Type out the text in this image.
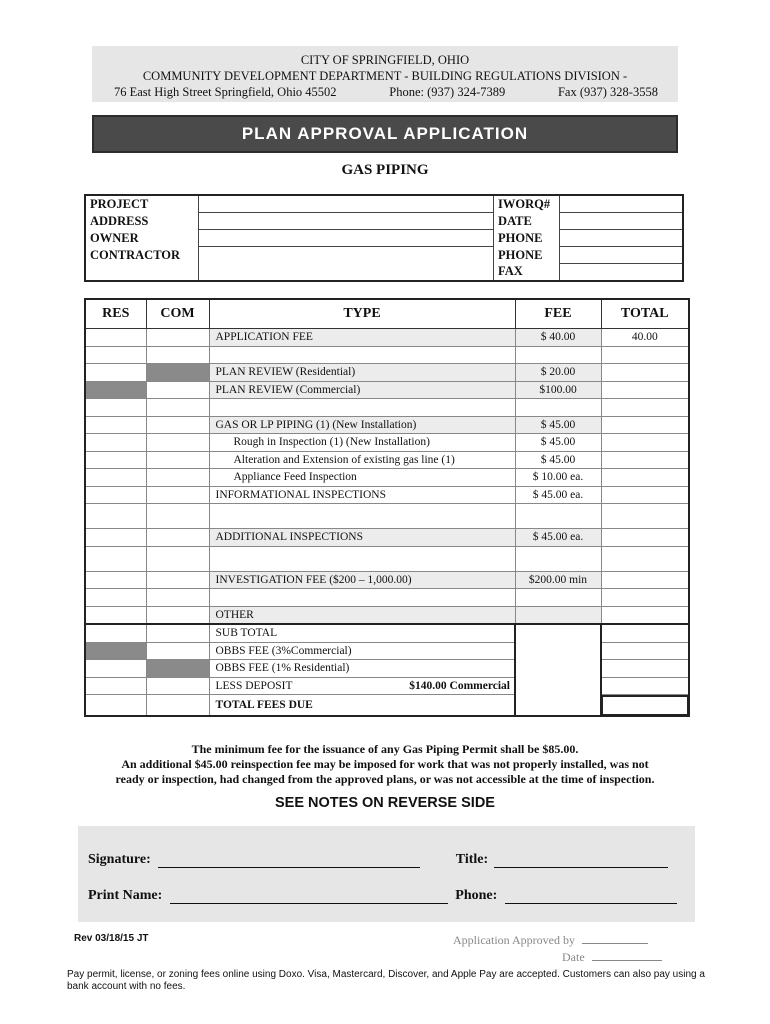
CITY OF SPRINGFIELD, OHIO
COMMUNITY DEVELOPMENT DEPARTMENT - BUILDING REGULATIONS DIVISION -
76 East High Street Springfield, Ohio 45502	Phone: (937) 324-7389	Fax (937) 328-3558
PLAN APPROVAL APPLICATION
GAS PIPING
PROJECT		IWORQ#	
ADDRESS		DATE	
OWNER		PHONE	
CONTRACTOR		PHONE	
		FAX	
RES	COM	TYPE	FEE	TOTAL
		APPLICATION FEE	$ 40.00	40.00

		PLAN REVIEW (Residential)	$ 20.00	
		PLAN REVIEW (Commercial)	$100.00	

		GAS OR LP PIPING (1) (New Installation)	$ 45.00	
		Rough in Inspection (1) (New Installation)	$ 45.00	
		Alteration and Extension of existing gas line (1)	$ 45.00	
		Appliance Feed Inspection	$ 10.00 ea.	
		INFORMATIONAL INSPECTIONS	$ 45.00 ea.	

		ADDITIONAL INSPECTIONS	$ 45.00 ea.	

		INVESTIGATION FEE ($200 – 1,000.00)	$200.00 min	

		OTHER		
		SUB TOTAL		
		OBBS FEE (3%Commercial)		
		OBBS FEE (1% Residential)		
		LESS DEPOSIT $140.00 Commercial		

		TOTAL FEES DUE		
The minimum fee for the issuance of any Gas Piping Permit shall be $85.00.
An additional $45.00 reinspection fee may be imposed for work that was not properly installed, was not
ready or inspection, had changed from the approved plans, or was not accessible at the time of inspection.
SEE NOTES ON REVERSE SIDE
Signature:	Title:
Print Name:	Phone:
Rev 03/18/15 JT	Application Approved by
Date
Pay permit, license, or zoning fees online using Doxo. Visa, Mastercard, Discover, and Apple Pay are accepted. Customers can also pay using a bank account with no fees.
